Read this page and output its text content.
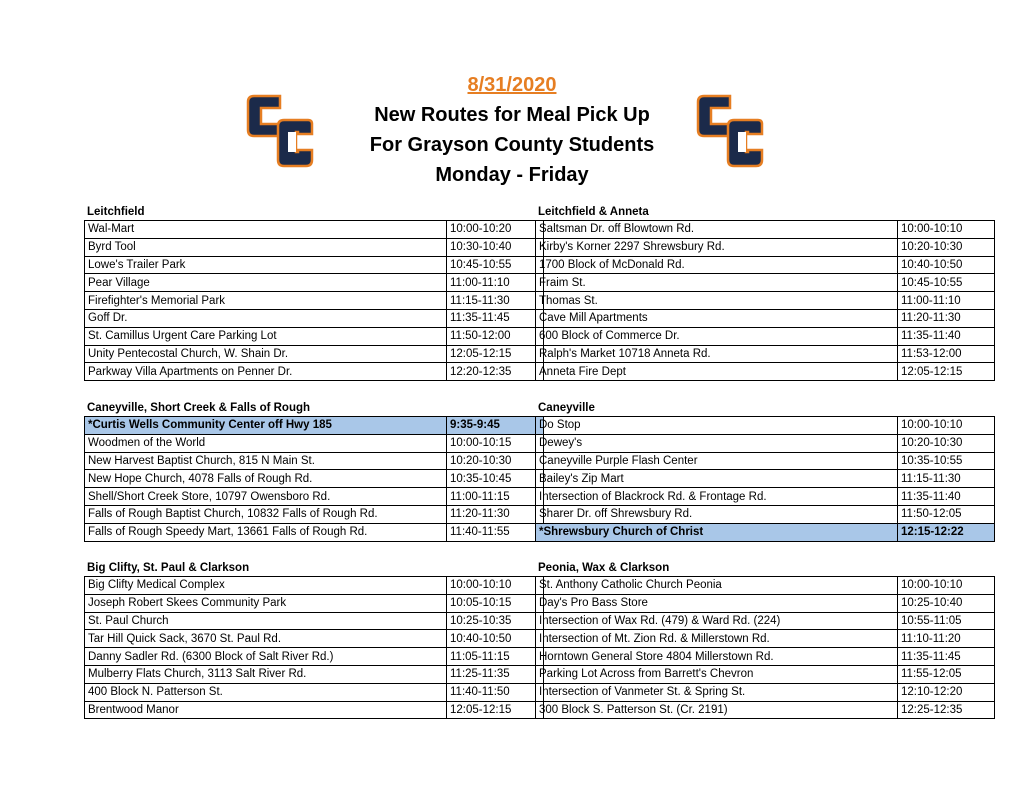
8/31/2020
New Routes for Meal Pick Up
For Grayson County Students
Monday - Friday
Leitchfield
Wal-Mart	10:00-10:20
Byrd Tool	10:30-10:40
Lowe's Trailer Park	10:45-10:55
Pear Village	11:00-11:10
Firefighter's Memorial Park	11:15-11:30
Goff Dr.	11:35-11:45
St. Camillus Urgent Care Parking Lot	11:50-12:00
Unity Pentecostal Church, W. Shain Dr.	12:05-12:15
Parkway Villa Apartments on Penner Dr.	12:20-12:35
Leitchfield & Anneta
Saltsman Dr. off Blowtown Rd.	10:00-10:10
Kirby's Korner 2297 Shrewsbury Rd.	10:20-10:30
1700 Block of McDonald Rd.	10:40-10:50
Fraim St.	10:45-10:55
Thomas St.	11:00-11:10
Cave Mill Apartments	11:20-11:30
600 Block of Commerce Dr.	11:35-11:40
Ralph's Market 10718 Anneta Rd.	11:53-12:00
Anneta Fire Dept	12:05-12:15
Caneyville, Short Creek & Falls of Rough
*Curtis Wells Community Center off Hwy 185	9:35-9:45
Woodmen of the World	10:00-10:15
New Harvest Baptist Church, 815 N Main St.	10:20-10:30
New Hope Church, 4078 Falls of Rough Rd.	10:35-10:45
Shell/Short Creek Store, 10797 Owensboro Rd.	11:00-11:15
Falls of Rough Baptist Church, 10832 Falls of Rough Rd.	11:20-11:30
Falls of Rough Speedy Mart, 13661 Falls of Rough Rd.	11:40-11:55
Caneyville
Do Stop	10:00-10:10
Dewey's	10:20-10:30
Caneyville Purple Flash Center	10:35-10:55
Bailey's Zip Mart	11:15-11:30
Intersection of Blackrock Rd. & Frontage Rd.	11:35-11:40
Sharer Dr. off Shrewsbury Rd.	11:50-12:05
*Shrewsbury Church of Christ	12:15-12:22
Big Clifty, St. Paul & Clarkson
Big Clifty Medical Complex	10:00-10:10
Joseph Robert Skees Community Park	10:05-10:15
St. Paul Church	10:25-10:35
Tar Hill Quick Sack, 3670 St. Paul Rd.	10:40-10:50
Danny Sadler Rd. (6300 Block of Salt River Rd.)	11:05-11:15
Mulberry Flats Church, 3113 Salt River Rd.	11:25-11:35
400 Block N. Patterson St.	11:40-11:50
Brentwood Manor	12:05-12:15
Peonia, Wax & Clarkson
St. Anthony Catholic Church Peonia	10:00-10:10
Day's Pro Bass Store	10:25-10:40
Intersection of Wax Rd. (479) & Ward Rd. (224)	10:55-11:05
Intersection of Mt. Zion Rd. & Millerstown Rd.	11:10-11:20
Horntown General Store 4804 Millerstown Rd.	11:35-11:45
Parking Lot Across from Barrett's Chevron	11:55-12:05
Intersection of Vanmeter St. & Spring St.	12:10-12:20
300 Block S. Patterson St. (Cr. 2191)	12:25-12:35
